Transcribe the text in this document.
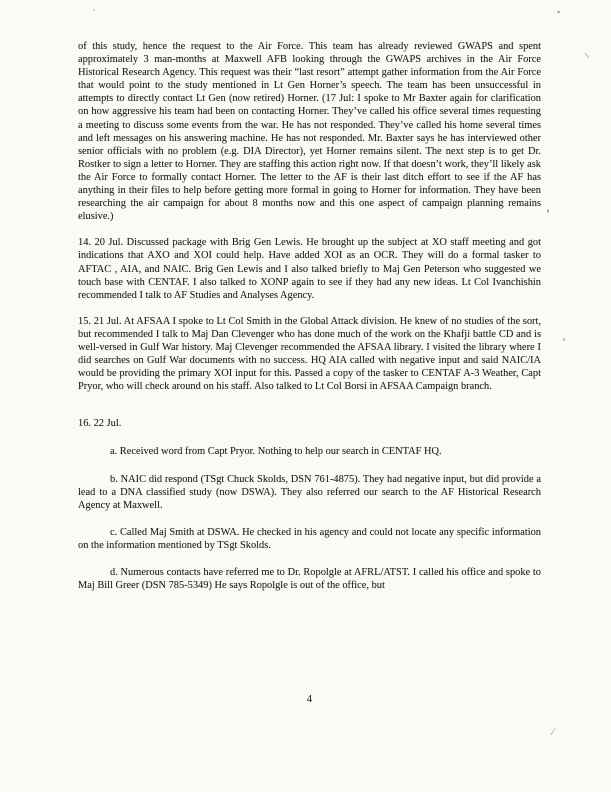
of this study, hence the request to the Air Force. This team has already reviewed GWAPS and spent approximately 3 man-months at Maxwell AFB looking through the GWAPS archives in the Air Force Historical Research Agency. This request was their “last resort” attempt gather information from the Air Force that would point to the study mentioned in Lt Gen Horner’s speech. The team has been unsuccessful in attempts to directly contact Lt Gen (now retired) Horner. (17 Jul: I spoke to Mr Baxter again for clarification on how aggressive his team had been on contacting Horner. They’ve called his office several times requesting a meeting to discuss some events from the war. He has not responded. They’ve called his home several times and left messages on his answering machine. He has not responded. Mr. Baxter says he has interviewed other senior officials with no problem (e.g. DIA Director), yet Horner remains silent. The next step is to get Dr. Rostker to sign a letter to Horner. They are staffing this action right now. If that doesn’t work, they’ll likely ask the Air Force to formally contact Horner. The letter to the AF is their last ditch effort to see if the AF has anything in their files to help before getting more formal in going to Horner for information. They have been researching the air campaign for about 8 months now and this one aspect of campaign planning remains elusive.)

14. 20 Jul. Discussed package with Brig Gen Lewis. He brought up the subject at XO staff meeting and got indications that AXO and XOI could help. Have added XOI as an OCR. They will do a formal tasker to AFTAC , AIA, and NAIC. Brig Gen Lewis and I also talked briefly to Maj Gen Peterson who suggested we touch base with CENTAF. I also talked to XONP again to see if they had any new ideas. Lt Col Ivanchishin recommended I talk to AF Studies and Analyses Agency.

15. 21 Jul. At AFSAA I spoke to Lt Col Smith in the Global Attack division. He knew of no studies of the sort, but recommended I talk to Maj Dan Clevenger who has done much of the work on the Khafji battle CD and is well-versed in Gulf War history. Maj Clevenger recommended the AFSAA library. I visited the library where I did searches on Gulf War documents with no success. HQ AIA called with negative input and said NAIC/IA would be providing the primary XOI input for this. Passed a copy of the tasker to CENTAF A-3 Weather, Capt Pryor, who will check around on his staff. Also talked to Lt Col Borsi in AFSAA Campaign branch.

16. 22 Jul.

a. Received word from Capt Pryor. Nothing to help our search in CENTAF HQ.

b. NAIC did respond (TSgt Chuck Skolds, DSN 761-4875). They had negative input, but did provide a lead to a DNA classified study (now DSWA). They also referred our search to the AF Historical Research Agency at Maxwell.

c. Called Maj Smith at DSWA. He checked in his agency and could not locate any specific information on the information mentioned by TSgt Skolds.

d. Numerous contacts have referred me to Dr. Ropolgle at AFRL/ATST. I called his office and spoke to Maj Bill Greer (DSN 785-5349) He says Ropolgle is out of the office, but

4
